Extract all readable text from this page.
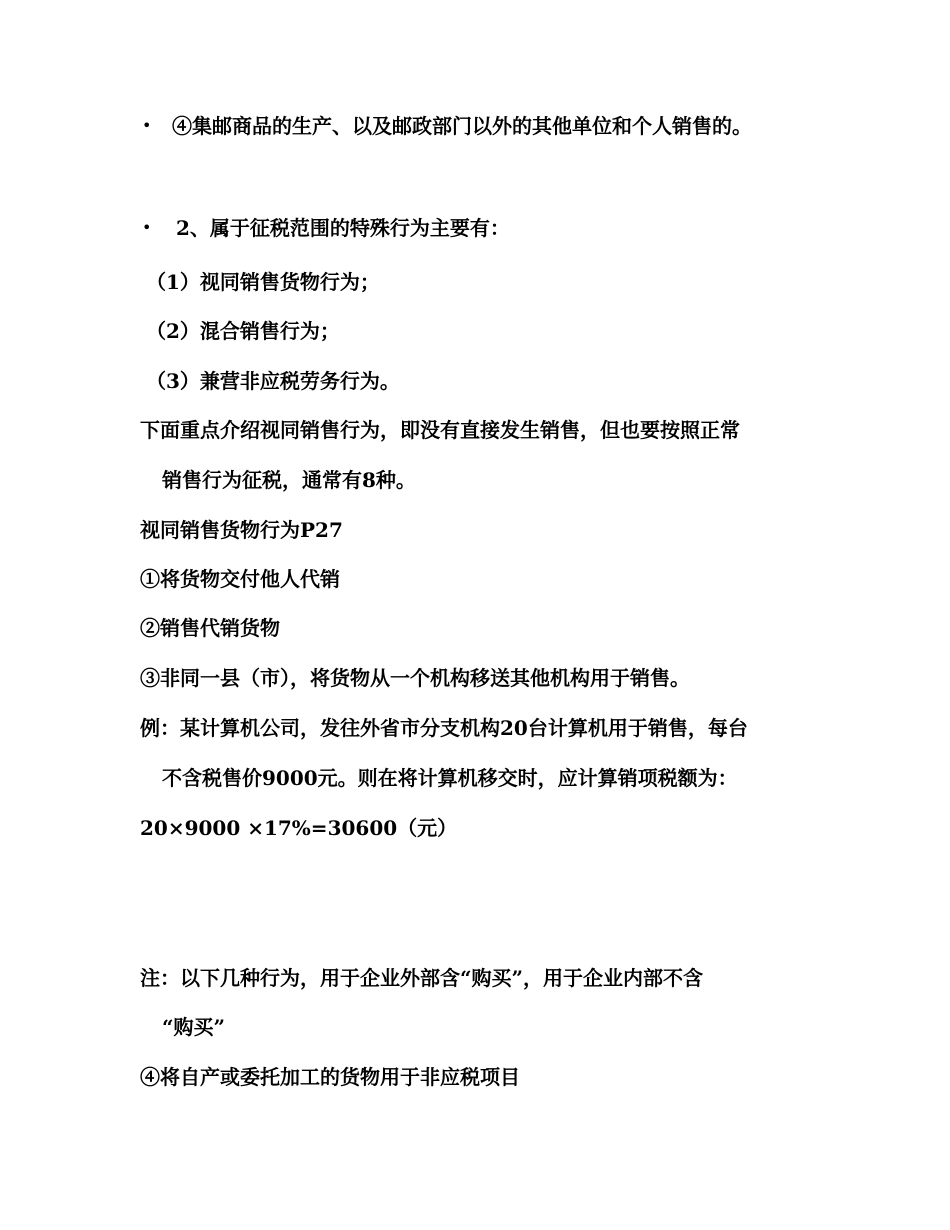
• ④集邮商品的生产、以及邮政部门以外的其他单位和个人销售的。
• 2、属于征税范围的特殊行为主要有：
（1）视同销售货物行为；
（2）混合销售行为；
（3）兼营非应税劳务行为。
下面重点介绍视同销售行为，即没有直接发生销售，但也要按照正常
销售行为征税，通常有8种。
视同销售货物行为P27
①将货物交付他人代销
②销售代销货物
③非同一县（市），将货物从一个机构移送其他机构用于销售。
例：某计算机公司，发往外省市分支机构20台计算机用于销售，每台
不含税售价9000元。则在将计算机移交时，应计算销项税额为：
20×9000 ×17%=30600（元）
注：以下几种行为，用于企业外部含“购买”，用于企业内部不含
“购买”
④将自产或委托加工的货物用于非应税项目
